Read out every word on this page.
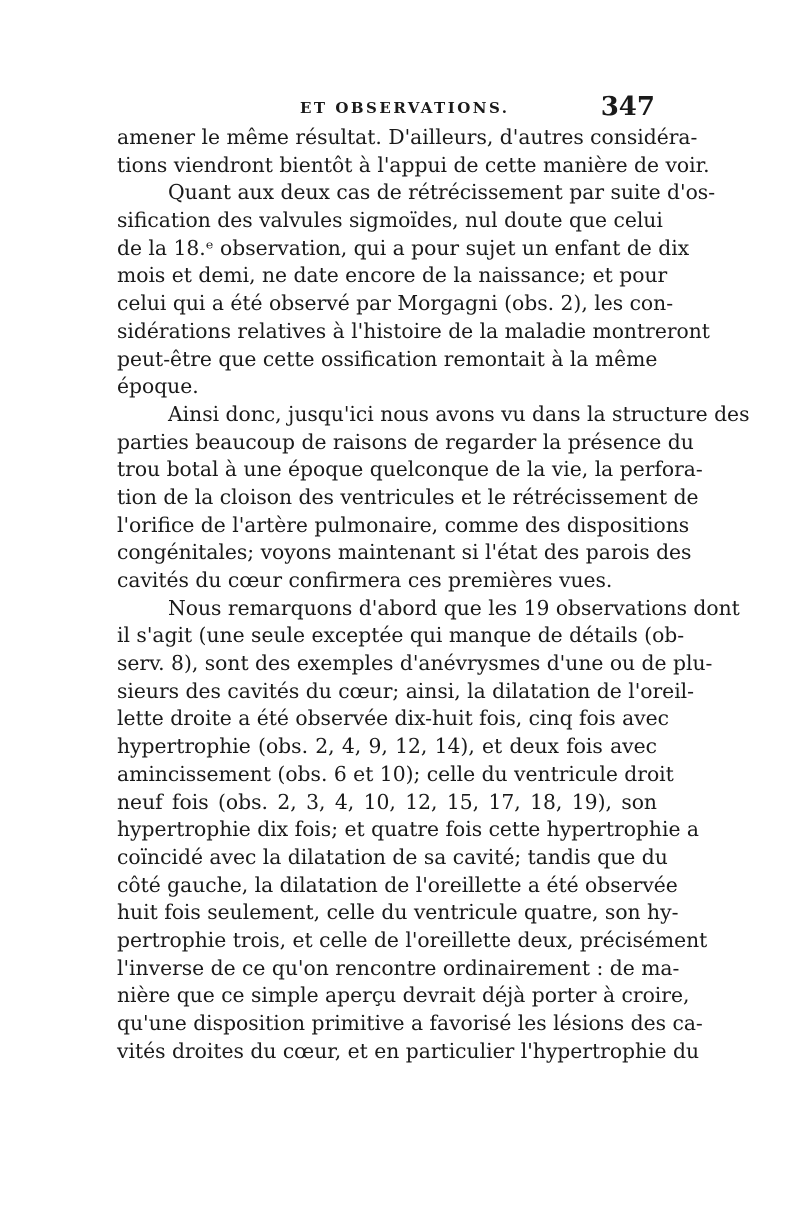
ET OBSERVATIONS.	347
amener le même résultat. D'ailleurs, d'autres considéra-
tions viendront bientôt à l'appui de cette manière de voir.
Quant aux deux cas de rétrécissement par suite d'os-
sification des valvules sigmoïdes, nul doute que celui
de la 18.ᵉ observation, qui a pour sujet un enfant de dix
mois et demi, ne date encore de la naissance; et pour
celui qui a été observé par Morgagni (obs. 2), les con-
sidérations relatives à l'histoire de la maladie montreront
peut-être que cette ossification remontait à la même
époque.
Ainsi donc, jusqu'ici nous avons vu dans la structure des
parties beaucoup de raisons de regarder la présence du
trou botal à une époque quelconque de la vie, la perfora-
tion de la cloison des ventricules et le rétrécissement de
l'orifice de l'artère pulmonaire, comme des dispositions
congénitales; voyons maintenant si l'état des parois des
cavités du cœur confirmera ces premières vues.
Nous remarquons d'abord que les 19 observations dont
il s'agit (une seule exceptée qui manque de détails (ob-
serv. 8), sont des exemples d'anévrysmes d'une ou de plu-
sieurs des cavités du cœur; ainsi, la dilatation de l'oreil-
lette droite a été observée dix-huit fois, cinq fois avec
hypertrophie (obs. 2, 4, 9, 12, 14), et deux fois avec
amincissement (obs. 6 et 10); celle du ventricule droit
neuf fois (obs. 2, 3, 4, 10, 12, 15, 17, 18, 19), son
hypertrophie dix fois; et quatre fois cette hypertrophie a
coïncidé avec la dilatation de sa cavité; tandis que du
côté gauche, la dilatation de l'oreillette a été observée
huit fois seulement, celle du ventricule quatre, son hy-
pertrophie trois, et celle de l'oreillette deux, précisément
l'inverse de ce qu'on rencontre ordinairement : de ma-
nière que ce simple aperçu devrait déjà porter à croire,
qu'une disposition primitive a favorisé les lésions des ca-
vités droites du cœur, et en particulier l'hypertrophie du
